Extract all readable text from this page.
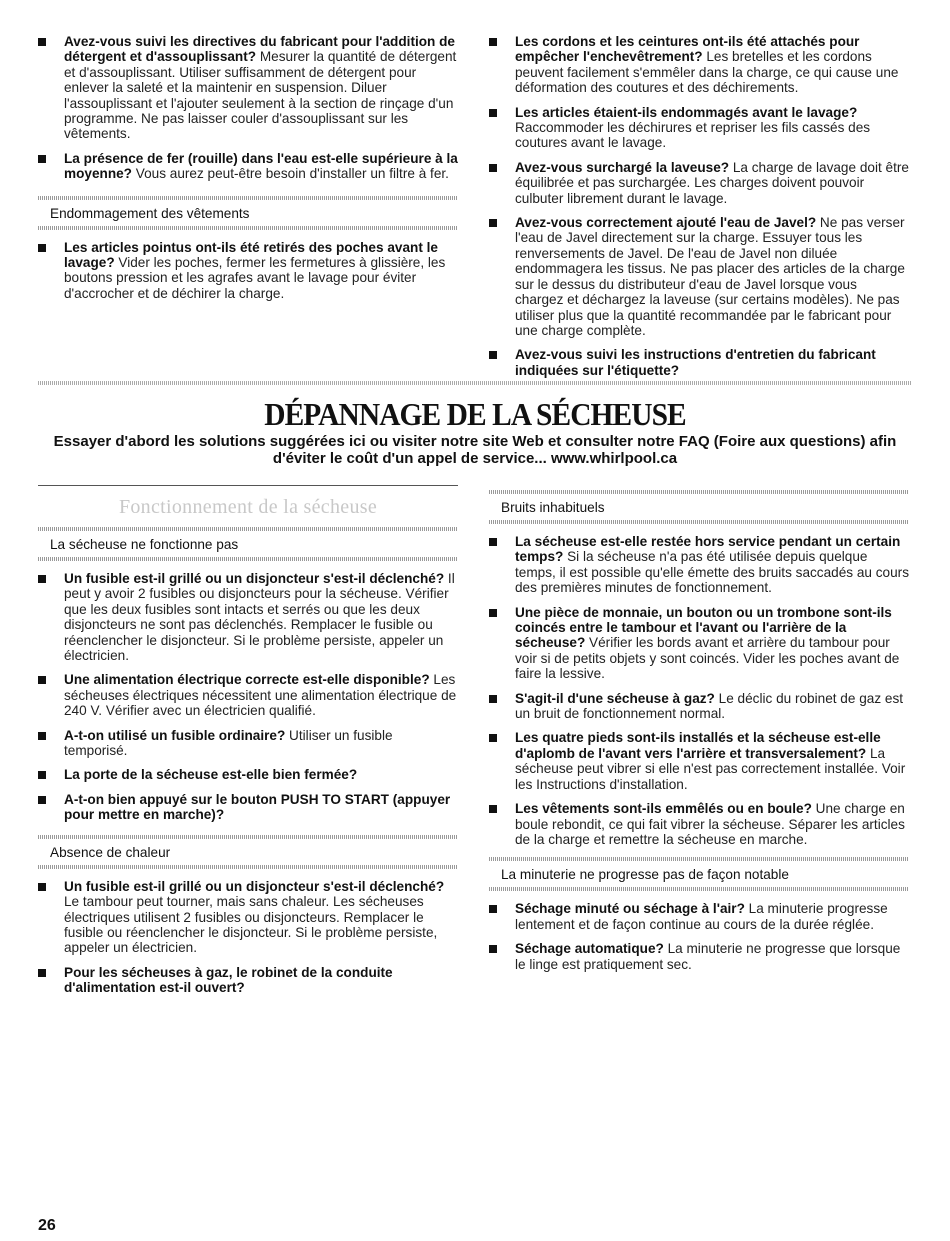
Avez-vous suivi les directives du fabricant pour l'addition de détergent et d'assouplissant? Mesurer la quantité de détergent et d'assouplissant. Utiliser suffisamment de détergent pour enlever la saleté et la maintenir en suspension. Diluer l'assouplissant et l'ajouter seulement à la section de rinçage d'un programme. Ne pas laisser couler d'assouplissant sur les vêtements.
La présence de fer (rouille) dans l'eau est-elle supérieure à la moyenne? Vous aurez peut-être besoin d'installer un filtre à fer.
Endommagement des vêtements
Les articles pointus ont-ils été retirés des poches avant le lavage? Vider les poches, fermer les fermetures à glissière, les boutons pression et les agrafes avant le lavage pour éviter d'accrocher et de déchirer la charge.
Les cordons et les ceintures ont-ils été attachés pour empêcher l'enchevêtrement? Les bretelles et les cordons peuvent facilement s'emmêler dans la charge, ce qui cause une déformation des coutures et des déchirements.
Les articles étaient-ils endommagés avant le lavage? Raccommoder les déchirures et repriser les fils cassés des coutures avant le lavage.
Avez-vous surchargé la laveuse? La charge de lavage doit être équilibrée et pas surchargée. Les charges doivent pouvoir culbuter librement durant le lavage.
Avez-vous correctement ajouté l'eau de Javel? Ne pas verser l'eau de Javel directement sur la charge. Essuyer tous les renversements de Javel. De l'eau de Javel non diluée endommagera les tissus. Ne pas placer des articles de la charge sur le dessus du distributeur d'eau de Javel lorsque vous chargez et déchargez la laveuse (sur certains modèles). Ne pas utiliser plus que la quantité recommandée par le fabricant pour une charge complète.
Avez-vous suivi les instructions d'entretien du fabricant indiquées sur l'étiquette?
DÉPANNAGE DE LA SÉCHEUSE
Essayer d'abord les solutions suggérées ici ou visiter notre site Web et consulter notre FAQ (Foire aux questions) afin d'éviter le coût d'un appel de service... www.whirlpool.ca
Fonctionnement de la sécheuse
La sécheuse ne fonctionne pas
Un fusible est-il grillé ou un disjoncteur s'est-il déclenché? Il peut y avoir 2 fusibles ou disjoncteurs pour la sécheuse. Vérifier que les deux fusibles sont intacts et serrés ou que les deux disjoncteurs ne sont pas déclenchés. Remplacer le fusible ou réenclencher le disjoncteur. Si le problème persiste, appeler un électricien.
Une alimentation électrique correcte est-elle disponible? Les sécheuses électriques nécessitent une alimentation électrique de 240 V. Vérifier avec un électricien qualifié.
A-t-on utilisé un fusible ordinaire? Utiliser un fusible temporisé.
La porte de la sécheuse est-elle bien fermée?
A-t-on bien appuyé sur le bouton PUSH TO START (appuyer pour mettre en marche)?
Absence de chaleur
Un fusible est-il grillé ou un disjoncteur s'est-il déclenché? Le tambour peut tourner, mais sans chaleur. Les sécheuses électriques utilisent 2 fusibles ou disjoncteurs. Remplacer le fusible ou réenclencher le disjoncteur. Si le problème persiste, appeler un électricien.
Pour les sécheuses à gaz, le robinet de la conduite d'alimentation est-il ouvert?
Bruits inhabituels
La sécheuse est-elle restée hors service pendant un certain temps? Si la sécheuse n'a pas été utilisée depuis quelque temps, il est possible qu'elle émette des bruits saccadés au cours des premières minutes de fonctionnement.
Une pièce de monnaie, un bouton ou un trombone sont-ils coincés entre le tambour et l'avant ou l'arrière de la sécheuse? Vérifier les bords avant et arrière du tambour pour voir si de petits objets y sont coincés. Vider les poches avant de faire la lessive.
S'agit-il d'une sécheuse à gaz? Le déclic du robinet de gaz est un bruit de fonctionnement normal.
Les quatre pieds sont-ils installés et la sécheuse est-elle d'aplomb de l'avant vers l'arrière et transversalement? La sécheuse peut vibrer si elle n'est pas correctement installée. Voir les Instructions d'installation.
Les vêtements sont-ils emmêlés ou en boule? Une charge en boule rebondit, ce qui fait vibrer la sécheuse. Séparer les articles de la charge et remettre la sécheuse en marche.
La minuterie ne progresse pas de façon notable
Séchage minuté ou séchage à l'air? La minuterie progresse lentement et de façon continue au cours de la durée réglée.
Séchage automatique? La minuterie ne progresse que lorsque le linge est pratiquement sec.
26
